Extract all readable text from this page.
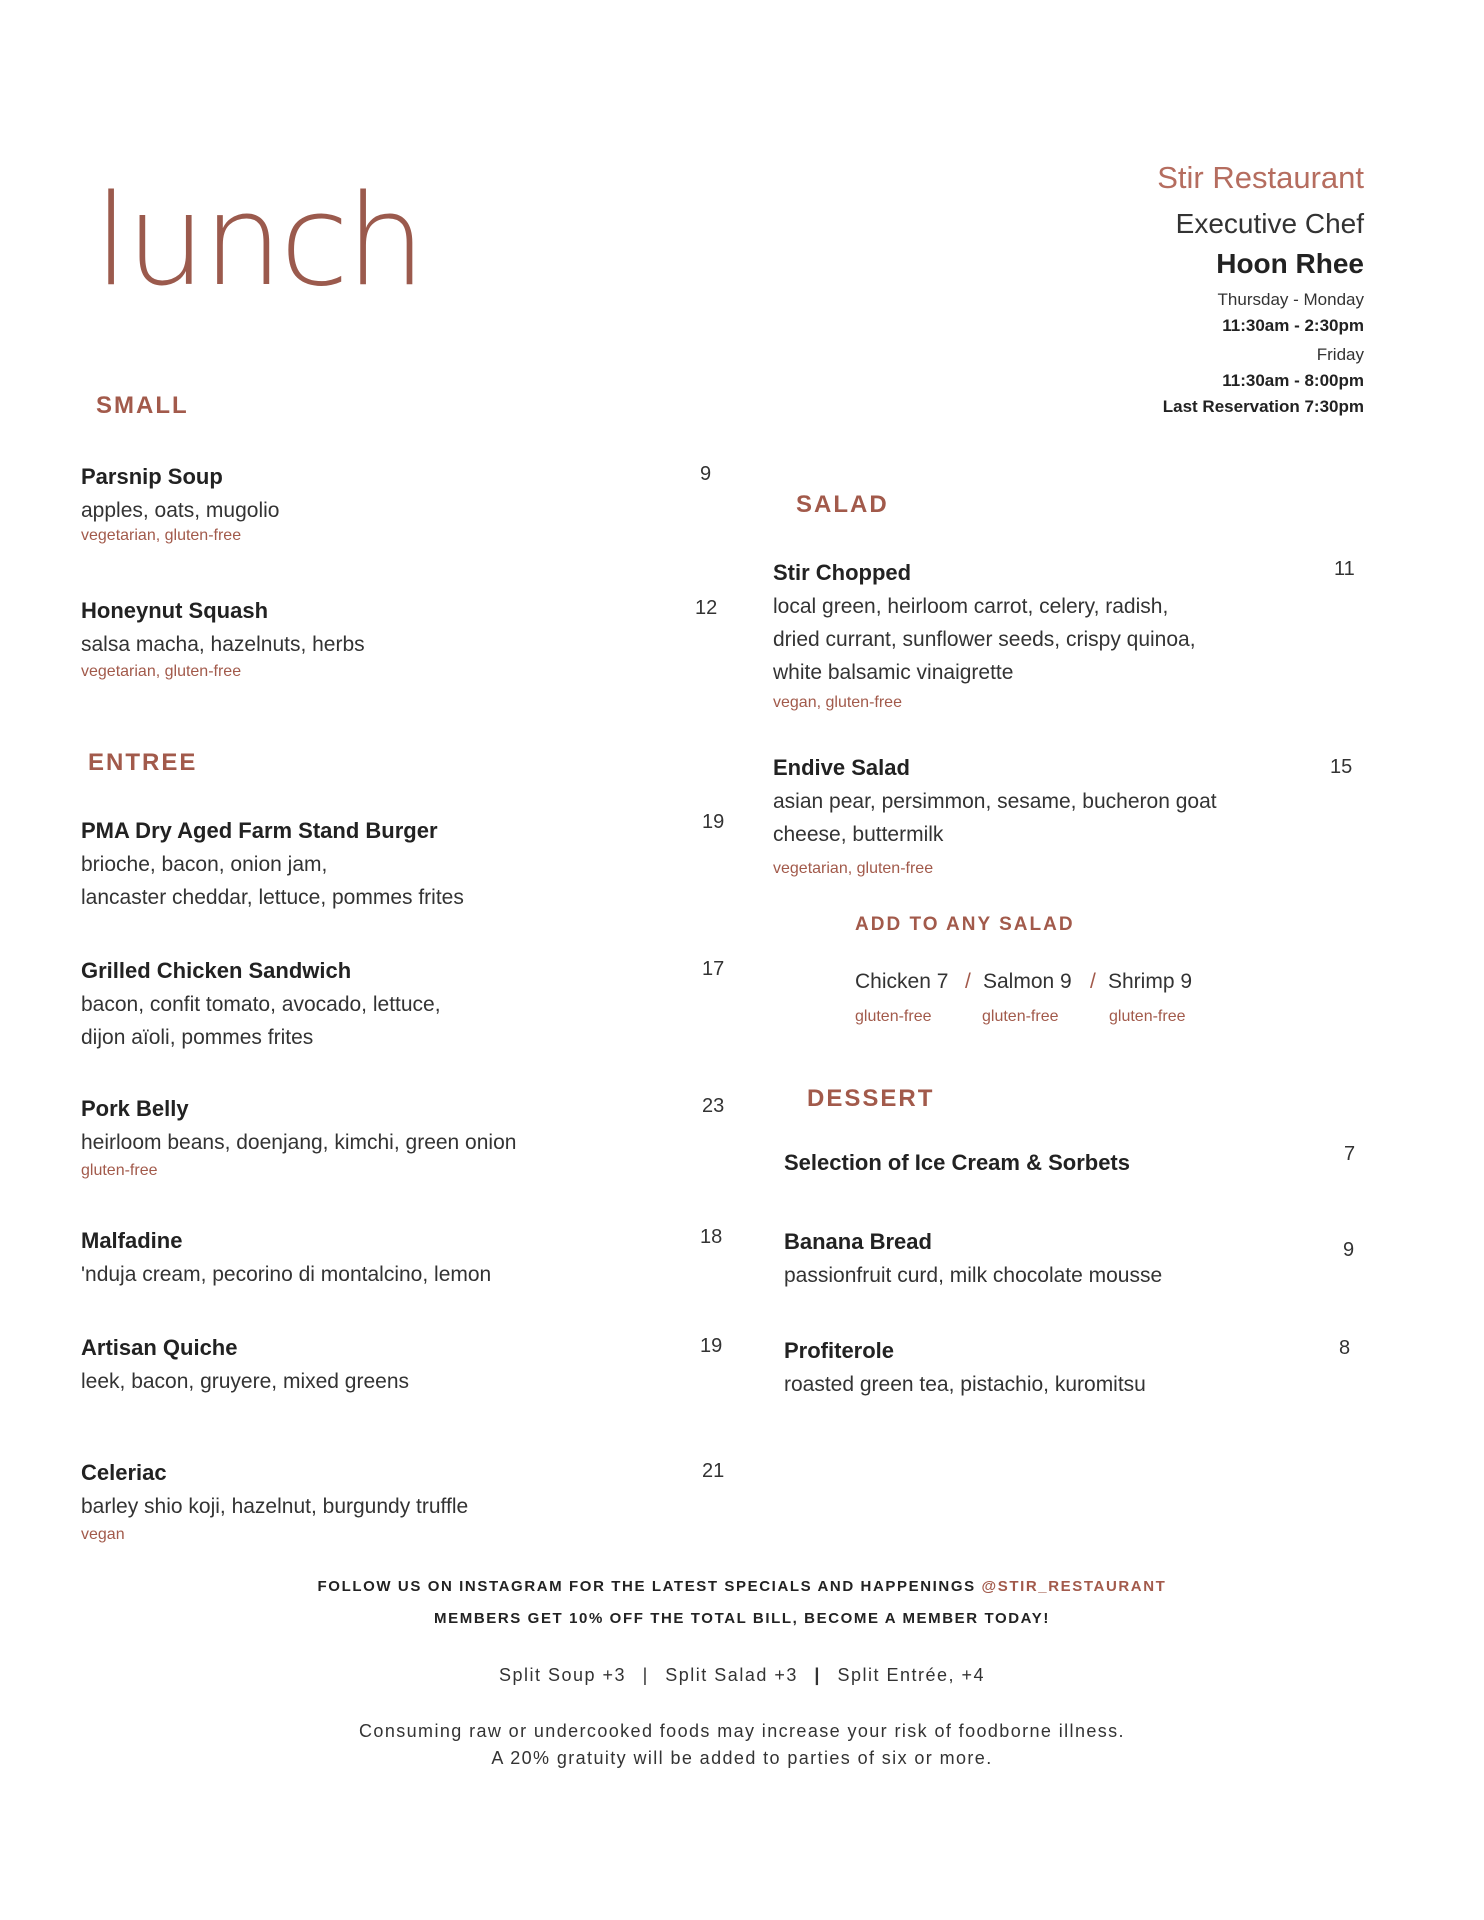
lunch	Stir Restaurant
Executive Chef
Hoon Rhee
Thursday - Monday
11:30am - 2:30pm
Friday
11:30am - 8:00pm
Last Reservation 7:30pm
SMALL
Parsnip Soup
apples, oats, mugolio
vegetarian, gluten-free
9
Honeynut Squash
salsa macha, hazelnuts, herbs
vegetarian, gluten-free
12
ENTREE
PMA Dry Aged Farm Stand Burger
brioche, bacon, onion jam,
lancaster cheddar, lettuce, pommes frites
19
Grilled Chicken Sandwich
bacon, confit tomato, avocado, lettuce,
dijon aïoli, pommes frites
17
Pork Belly
heirloom beans, doenjang, kimchi, green onion
gluten-free
23
Malfadine
'nduja cream, pecorino di montalcino, lemon
18
Artisan Quiche
leek, bacon, gruyere, mixed greens
19
Celeriac
barley shio koji, hazelnut, burgundy truffle
vegan
21
SALAD
Stir Chopped
local green, heirloom carrot, celery, radish,
dried currant, sunflower seeds, crispy quinoa,
white balsamic vinaigrette
vegan, gluten-free
11
Endive Salad
asian pear, persimmon, sesame, bucheron goat
cheese, buttermilk
vegetarian, gluten-free
15
ADD TO ANY SALAD
Chicken 7 / Salmon 9 / Shrimp 9
gluten-free	gluten-free	gluten-free
DESSERT
Selection of Ice Cream & Sorbets	7
Banana Bread
passionfruit curd, milk chocolate mousse
9
Profiterole
roasted green tea, pistachio, kuromitsu
8
FOLLOW US ON INSTAGRAM FOR THE LATEST SPECIALS AND HAPPENINGS @STIR_RESTAURANT
MEMBERS GET 10% OFF THE TOTAL BILL, BECOME A MEMBER TODAY!
Split Soup +3 | Split Salad +3 | Split Entrée, +4
Consuming raw or undercooked foods may increase your risk of foodborne illness.
A 20% gratuity will be added to parties of six or more.
